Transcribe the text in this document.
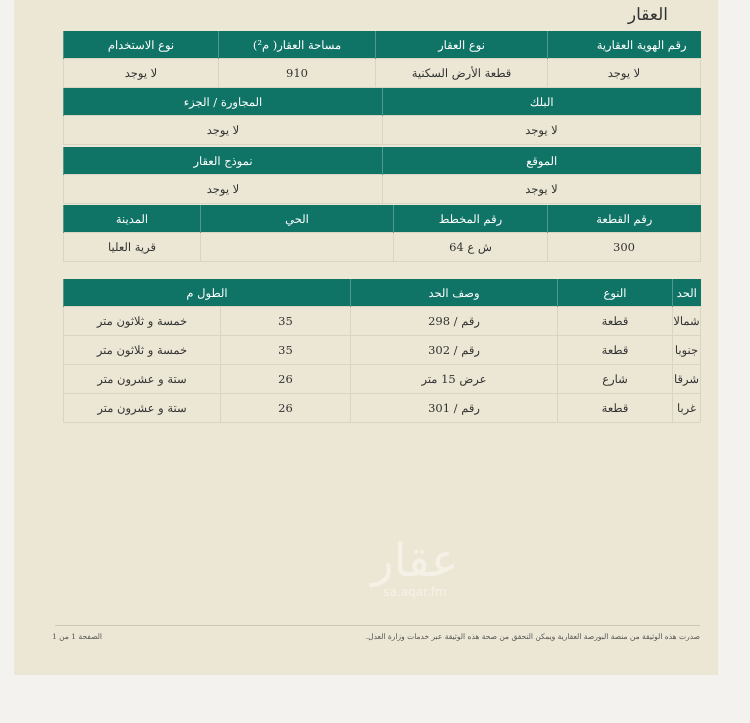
العقار
رقم الهوية العقارية	نوع العقار	مساحة العقار( م²)	نوع الاستخدام
لا يوجد	قطعة الأرض السكنية	910	لا يوجد
البلك	المجاورة / الجزء
لا يوجد	لا يوجد
الموقع	نموذج العقار
لا يوجد	لا يوجد
رقم القطعة	رقم المخطط	الحي	المدينة
300	ش ع 64		قرية العليا
الحد	النوع	وصف الحد	الطول م	
شمالا	قطعة	رقم / 298	35	خمسة و ثلاثون متر
جنوبا	قطعة	رقم / 302	35	خمسة و ثلاثون متر
شرقا	شارع	عرض 15 متر	26	ستة و عشرون متر
غربا	قطعة	رقم / 301	26	ستة و عشرون متر
عقار
sa.aqar.fm
صدرت هذه الوثيقة من منصة البورصة العقارية ويمكن التحقق من صحة هذه الوثيقة عبر خدمات وزارة العدل.
الصفحة 1 من 1
